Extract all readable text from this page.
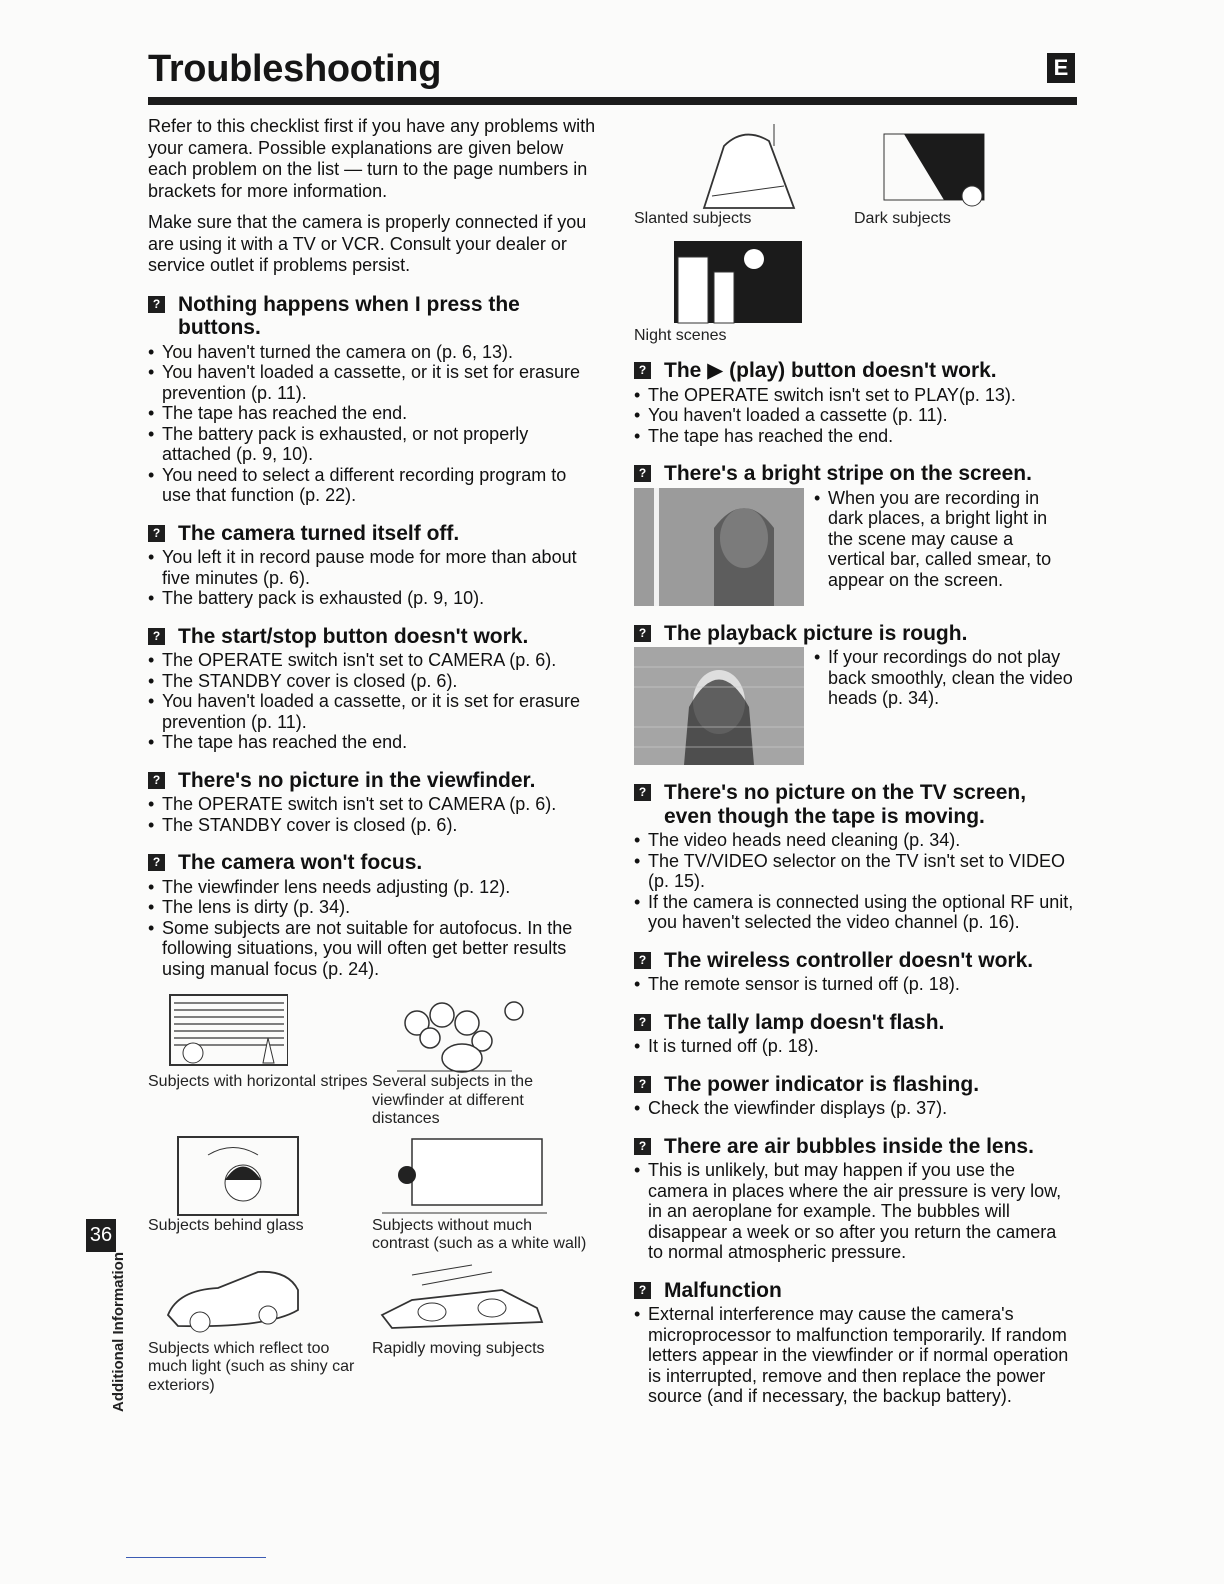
Troubleshooting	E

Refer to this checklist first if you have any problems with your camera. Possible explanations are given below each problem on the list — turn to the page numbers in brackets for more information.

Make sure that the camera is properly connected if you are using it with a TV or VCR. Consult your dealer or service outlet if problems persist.

? Nothing happens when I press the buttons.
• You haven't turned the camera on (p. 6, 13).
• You haven't loaded a cassette, or it is set for erasure prevention (p. 11).
• The tape has reached the end.
• The battery pack is exhausted, or not properly attached (p. 9, 10).
• You need to select a different recording program to use that function (p. 22).
? The camera turned itself off.
• You left it in record pause mode for more than about five minutes (p. 6).
• The battery pack is exhausted (p. 9, 10).
? The start/stop button doesn't work.
• The OPERATE switch isn't set to CAMERA (p. 6).
• The STANDBY cover is closed (p. 6).
• You haven't loaded a cassette, or it is set for erasure prevention (p. 11).
• The tape has reached the end.
? There's no picture in the viewfinder.
• The OPERATE switch isn't set to CAMERA (p. 6).
• The STANDBY cover is closed (p. 6).
? The camera won't focus.
• The viewfinder lens needs adjusting (p. 12).
• The lens is dirty (p. 34).
• Some subjects are not suitable for autofocus. In the following situations, you will often get better results using manual focus (p. 24).
Subjects with horizontal stripes Several subjects in the viewfinder at different distances
Subjects behind glass	Subjects without much contrast (such as a white wall)
Subjects which reflect too much light (such as shiny car exteriors)
Rapidly moving subjects
Slanted subjects	Dark subjects
Night scenes
? The ▶ (play) button doesn't work.
• The OPERATE switch isn't set to PLAY(p. 13).
• You haven't loaded a cassette (p. 11).
• The tape has reached the end.
? There's a bright stripe on the screen.
• When you are recording in dark places, a bright light in the scene may cause a vertical bar, called smear, to appear on the screen.
? The playback picture is rough.
• If your recordings do not play back smoothly, clean the video heads (p. 34).
? There's no picture on the TV screen, even though the tape is moving.
• The video heads need cleaning (p. 34).
• The TV/VIDEO selector on the TV isn't set to VIDEO (p. 15).
• If the camera is connected using the optional RF unit, you haven't selected the video channel (p. 16).
? The wireless controller doesn't work.
• The remote sensor is turned off (p. 18).
? The tally lamp doesn't flash.
• It is turned off (p. 18).
? The power indicator is flashing.
• Check the viewfinder displays (p. 37).
? There are air bubbles inside the lens.
• This is unlikely, but may happen if you use the camera in places where the air pressure is very low, in an aeroplane for example. The bubbles will disappear a week or so after you return the camera to normal atmospheric pressure.
? Malfunction
• External interference may cause the camera's microprocessor to malfunction temporarily. If random letters appear in the viewfinder or if normal operation is interrupted, remove and then replace the power source (and if necessary, the backup battery).
36
Additional Information
